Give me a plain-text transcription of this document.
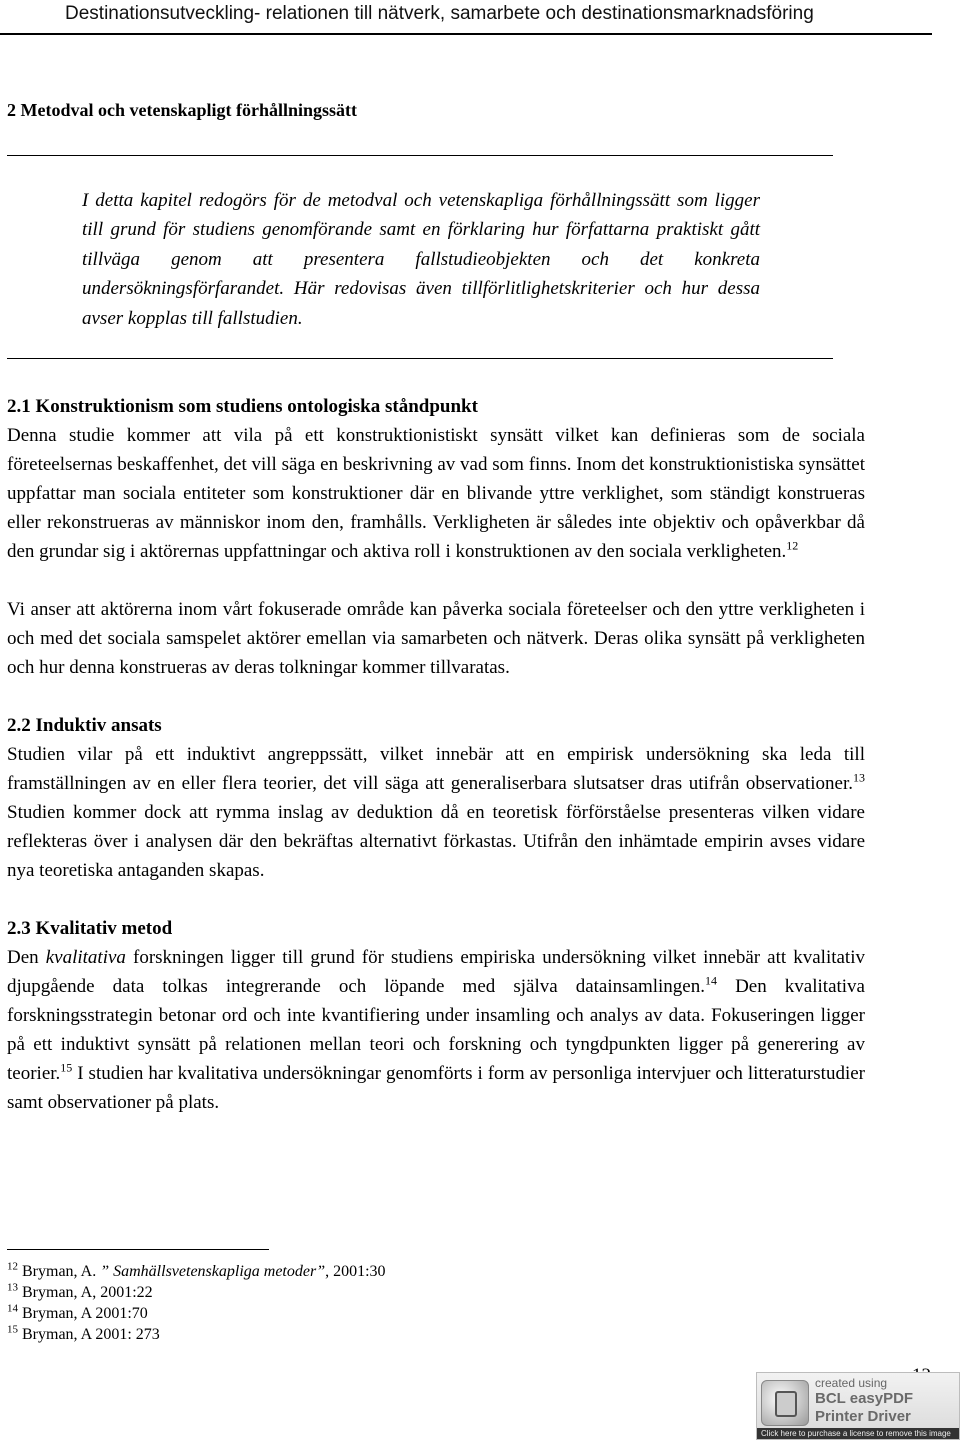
Destinationsutveckling- relationen till nätverk, samarbete och destinationsmarknadsföring
2 Metodval och vetenskapligt förhållningssätt
I detta kapitel redogörs för de metodval och vetenskapliga förhållningssätt som ligger till grund för studiens genomförande samt en förklaring hur författarna praktiskt gått tillväga genom att presentera fallstudieobjekten och det konkreta undersökningsförfarandet. Här redovisas även tillförlitlighetskriterier och hur dessa avser kopplas till fallstudien.
2.1 Konstruktionism som studiens ontologiska ståndpunkt

Denna studie kommer att vila på ett konstruktionistiskt synsätt vilket kan definieras som de sociala företeelsernas beskaffenhet, det vill säga en beskrivning av vad som finns. Inom det konstruktionistiska synsättet uppfattar man sociala entiteter som konstruktioner där en blivande yttre verklighet, som ständigt konstrueras eller rekonstrueras av människor inom den, framhålls. Verkligheten är således inte objektiv och opåverkbar då den grundar sig i aktörernas uppfattningar och aktiva roll i konstruktionen av den sociala verkligheten.$^{12}$

Vi anser att aktörerna inom vårt fokuserade område kan påverka sociala företeelser och den yttre verkligheten i och med det sociala samspelet aktörer emellan via samarbeten och nätverk. Deras olika synsätt på verkligheten och hur denna konstrueras av deras tolkningar kommer tillvaratas.

2.2 Induktiv ansats

Studien vilar på ett induktivt angreppssätt, vilket innebär att en empirisk undersökning ska leda till framställningen av en eller flera teorier, det vill säga att generaliserbara slutsatser dras utifrån observationer.$^{13}$ Studien kommer dock att rymma inslag av deduktion då en teoretisk förförståelse presenteras vilken vidare reflekteras över i analysen där den bekräftas alternativt förkastas. Utifrån den inhämtade empirin avses vidare nya teoretiska antaganden skapas.

2.3 Kvalitativ metod

Den kvalitativa forskningen ligger till grund för studiens empiriska undersökning vilket innebär att kvalitativ djupgående data tolkas integrerande och löpande med själva datainsamlingen.$^{14}$ Den kvalitativa forskningsstrategin betonar ord och inte kvantifiering under insamling och analys av data. Fokuseringen ligger på ett induktivt synsätt på relationen mellan teori och forskning och tyngdpunkten ligger på generering av teorier.$^{15}$ I studien har kvalitativa undersökningar genomförts i form av personliga intervjuer och litteraturstudier samt observationer på plats.

$^{12}$ Bryman, A. ” Samhällsvetenskapliga metoder”, 2001:30
$^{13}$ Bryman, A, 2001:22
$^{14}$ Bryman, A 2001:70
$^{15}$ Bryman, A 2001: 273
created using
BCL easyPDF
Printer Driver
Click here to purchase a license to remove this image
